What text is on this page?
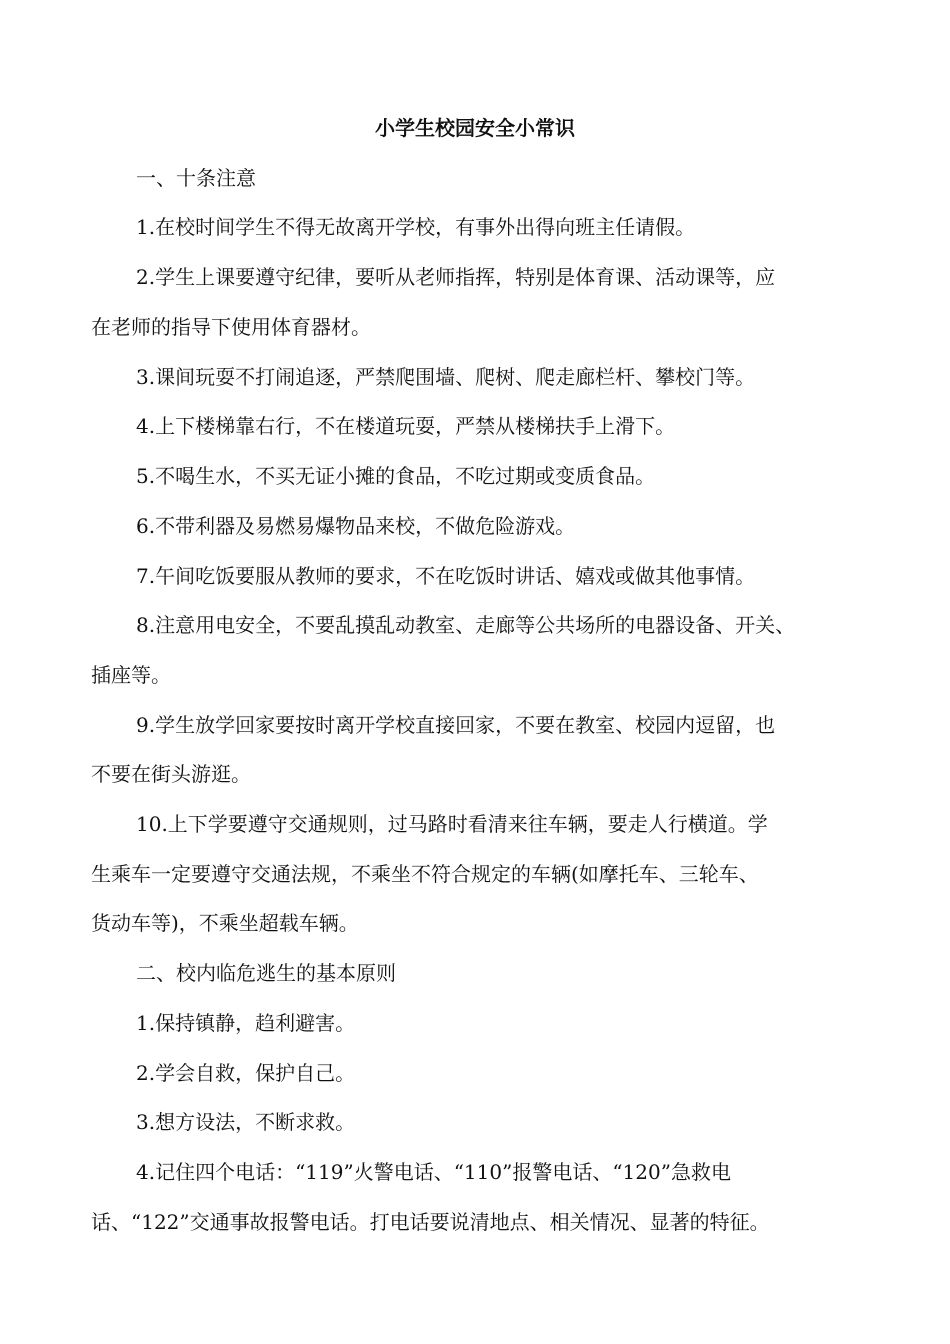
小学生校园安全小常识
一、十条注意
1.在校时间学生不得无故离开学校，有事外出得向班主任请假。
2.学生上课要遵守纪律，要听从老师指挥，特别是体育课、活动课等，应
在老师的指导下使用体育器材。
3.课间玩耍不打闹追逐，严禁爬围墙、爬树、爬走廊栏杆、攀校门等。
4.上下楼梯靠右行，不在楼道玩耍，严禁从楼梯扶手上滑下。
5.不喝生水，不买无证小摊的食品，不吃过期或变质食品。
6.不带利器及易燃易爆物品来校，不做危险游戏。
7.午间吃饭要服从教师的要求，不在吃饭时讲话、嬉戏或做其他事情。
8.注意用电安全，不要乱摸乱动教室、走廊等公共场所的电器设备、开关、
插座等。
9.学生放学回家要按时离开学校直接回家，不要在教室、校园内逗留，也
不要在街头游逛。
10.上下学要遵守交通规则，过马路时看清来往车辆，要走人行横道。学
生乘车一定要遵守交通法规，不乘坐不符合规定的车辆(如摩托车、三轮车、
货动车等)，不乘坐超载车辆。
二、校内临危逃生的基本原则
1.保持镇静，趋利避害。
2.学会自救，保护自己。
3.想方设法，不断求救。
4.记住四个电话：“119”火警电话、“110”报警电话、“120”急救电
话、“122”交通事故报警电话。打电话要说清地点、相关情况、显著的特征。
